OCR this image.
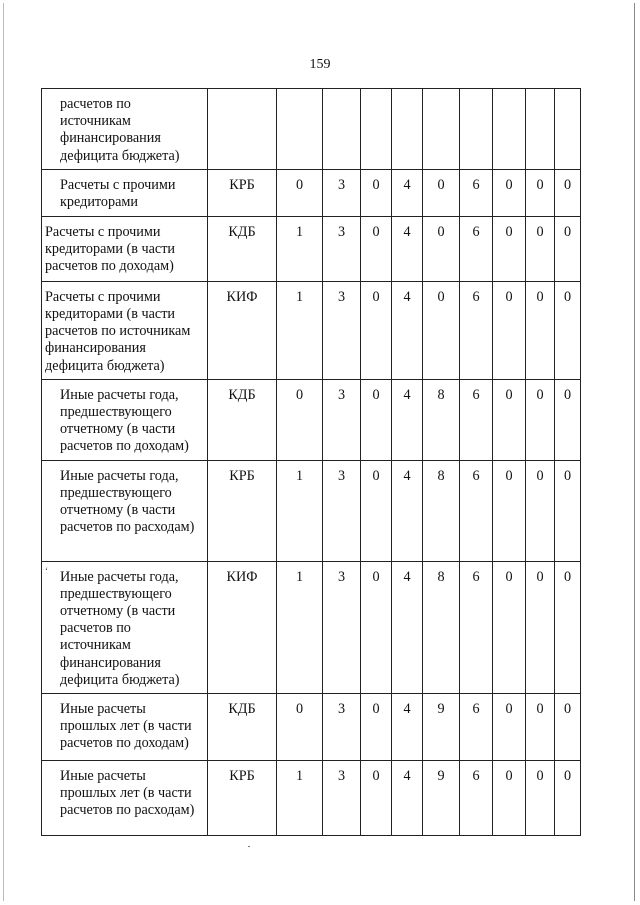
159
расчетов по источникам финансирования дефицита бюджета)										
Расчеты с прочими кредиторами	КРБ	0	3	0	4	0	6	0	0	0
Расчеты с прочими кредиторами (в части расчетов по доходам)	КДБ	1	3	0	4	0	6	0	0	0
Расчеты с прочими кредиторами (в части расчетов по источникам финансирования дефицита бюджета)	КИФ	1	3	0	4	0	6	0	0	0
Иные расчеты года, предшествующего отчетному (в части расчетов по доходам)	КДБ	0	3	0	4	8	6	0	0	0
Иные расчеты года, предшествующего отчетному (в части расчетов по расходам)	КРБ	1	3	0	4	8	6	0	0	0
Иные расчеты года, предшествующего отчетному (в части расчетов по источникам финансирования дефицита бюджета)	КИФ	1	3	0	4	8	6	0	0	0
Иные расчеты прошлых лет (в части расчетов по доходам)	КДБ	0	3	0	4	9	6	0	0	0
Иные расчеты прошлых лет (в части расчетов по расходам)	КРБ	1	3	0	4	9	6	0	0	0
‘
